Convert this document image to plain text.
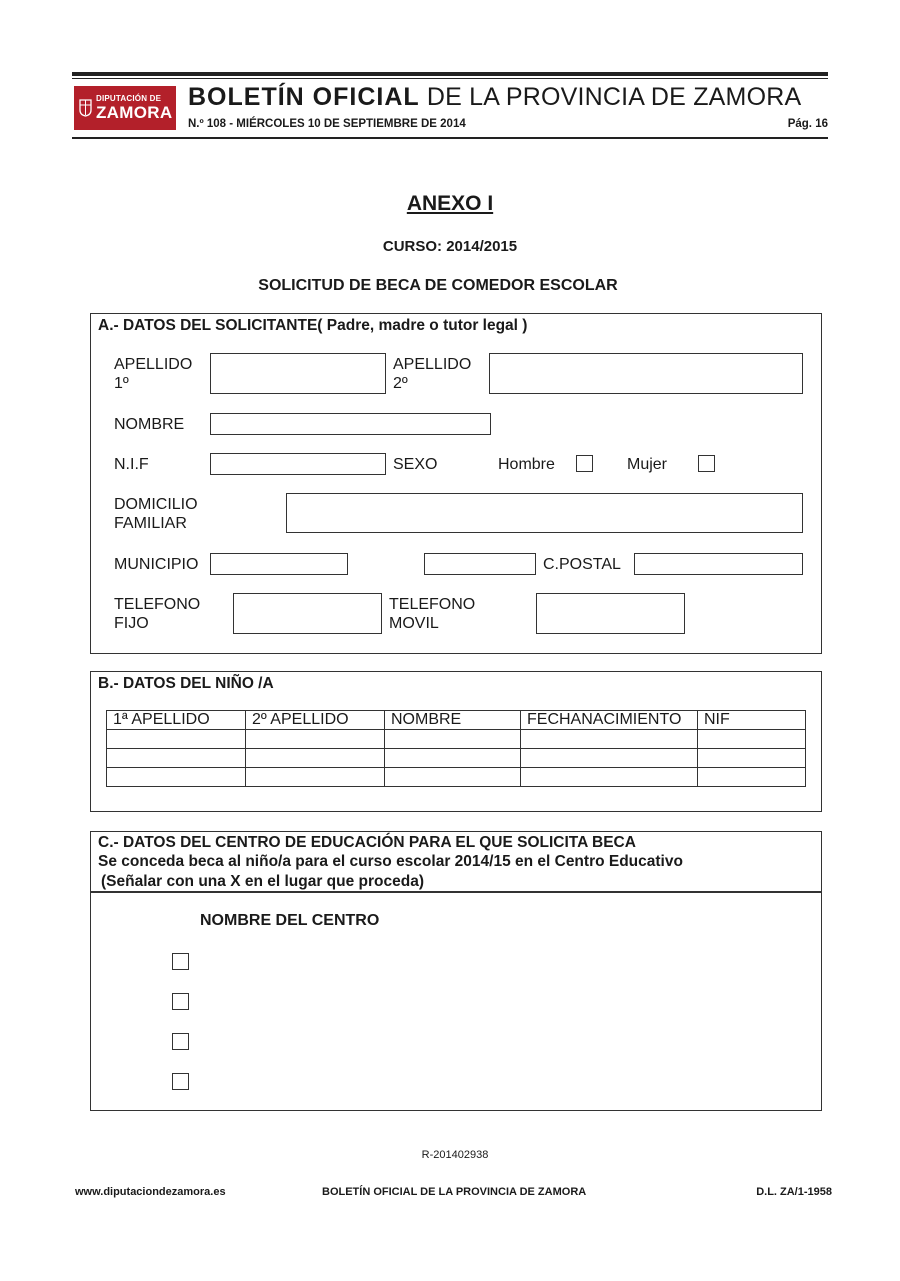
DIPUTACIÓN DE
ZAMORA
BOLETÍN OFICIAL DE LA PROVINCIA DE ZAMORA
N.º 108 - MIÉRCOLES 10 DE SEPTIEMBRE DE 2014	Pág. 16
ANEXO I
CURSO: 2014/2015
SOLICITUD DE BECA DE COMEDOR ESCOLAR
A.- DATOS DEL SOLICITANTE( Padre, madre o tutor legal )
APELLIDO
1º
APELLIDO
2º
NOMBRE
N.I.F	SEXO	Hombre	Mujer
DOMICILIO
FAMILIAR
MUNICIPIO	C.POSTAL
TELEFONO
FIJO
TELEFONO
MOVIL
B.- DATOS DEL NIÑO /A
1ª APELLIDO	2º APELLIDO	NOMBRE	FECHANACIMIENTO	NIF

C.- DATOS DEL CENTRO DE EDUCACIÓN PARA EL QUE SOLICITA BECA
Se conceda beca al niño/a para el curso escolar 2014/15 en el Centro Educativo
(Señalar con una X en el lugar que proceda)
NOMBRE DEL CENTRO
R-201402938
www.diputaciondezamora.es	BOLETÍN OFICIAL DE LA PROVINCIA DE ZAMORA	D.L. ZA/1-1958
